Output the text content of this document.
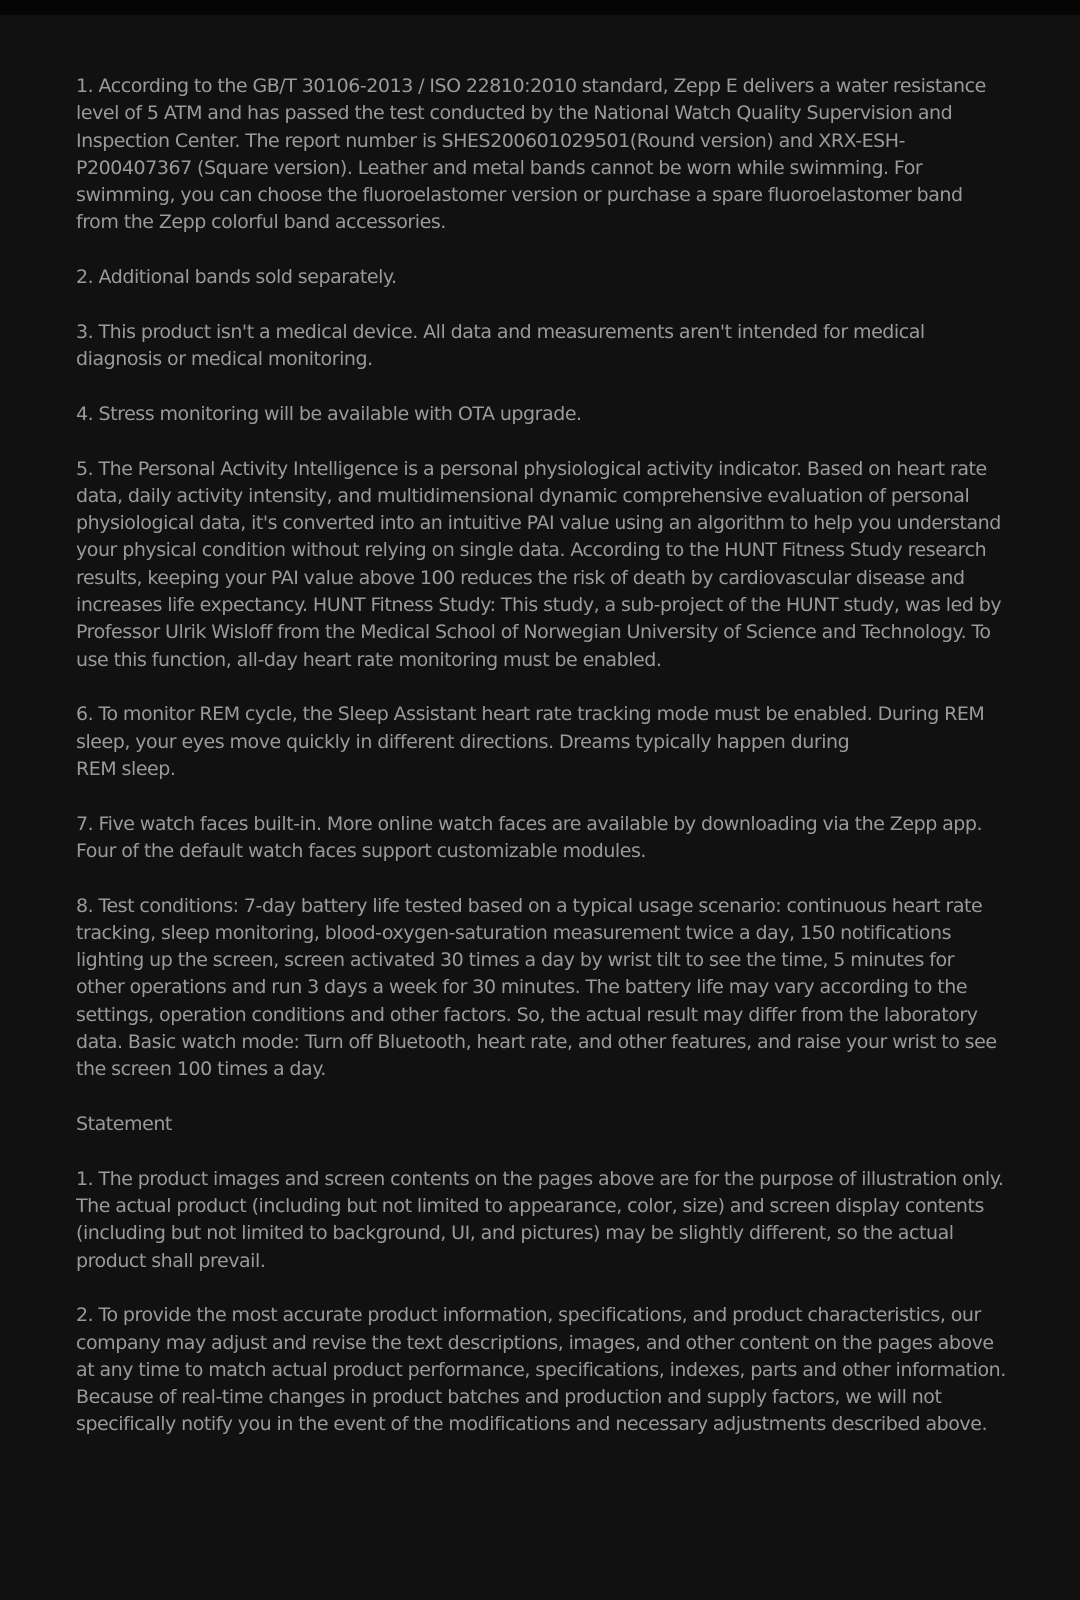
1. According to the GB/T 30106-2013 / ISO 22810:2010 standard, Zepp E delivers a water resistance level of 5 ATM and has passed the test conducted by the National Watch Quality Supervision and Inspection Center. The report number is SHES200601029501(Round version) and XRX-ESH-P200407367 (Square version). Leather and metal bands cannot be worn while swimming. For swimming, you can choose the fluoroelastomer version or purchase a spare fluoroelastomer band from the Zepp colorful band accessories.

2. Additional bands sold separately.

3. This product isn't a medical device. All data and measurements aren't intended for medical diagnosis or medical monitoring.

4. Stress monitoring will be available with OTA upgrade.

5. The Personal Activity Intelligence is a personal physiological activity indicator. Based on heart rate data, daily activity intensity, and multidimensional dynamic comprehensive evaluation of personal physiological data, it's converted into an intuitive PAI value using an algorithm to help you understand your physical condition without relying on single data. According to the HUNT Fitness Study research results, keeping your PAI value above 100 reduces the risk of death by cardiovascular disease and increases life expectancy. HUNT Fitness Study: This study, a sub-project of the HUNT study, was led by Professor Ulrik Wisloff from the Medical School of Norwegian University of Science and Technology. To use this function, all-day heart rate monitoring must be enabled.

6. To monitor REM cycle, the Sleep Assistant heart rate tracking mode must be enabled. During REM sleep, your eyes move quickly in different directions. Dreams typically happen during
REM sleep.

7. Five watch faces built-in. More online watch faces are available by downloading via the Zepp app. Four of the default watch faces support customizable modules.

8. Test conditions: 7-day battery life tested based on a typical usage scenario: continuous heart rate tracking, sleep monitoring, blood-oxygen-saturation measurement twice a day, 150 notifications lighting up the screen, screen activated 30 times a day by wrist tilt to see the time, 5 minutes for other operations and run 3 days a week for 30 minutes. The battery life may vary according to the settings, operation conditions and other factors. So, the actual result may differ from the laboratory data. Basic watch mode: Turn off Bluetooth, heart rate, and other features, and raise your wrist to see the screen 100 times a day.

Statement

1. The product images and screen contents on the pages above are for the purpose of illustration only. The actual product (including but not limited to appearance, color, size) and screen display contents (including but not limited to background, UI, and pictures) may be slightly different, so the actual product shall prevail.

2. To provide the most accurate product information, specifications, and product characteristics, our company may adjust and revise the text descriptions, images, and other content on the pages above at any time to match actual product performance, specifications, indexes, parts and other information. Because of real-time changes in product batches and production and supply factors, we will not specifically notify you in the event of the modifications and necessary adjustments described above.
